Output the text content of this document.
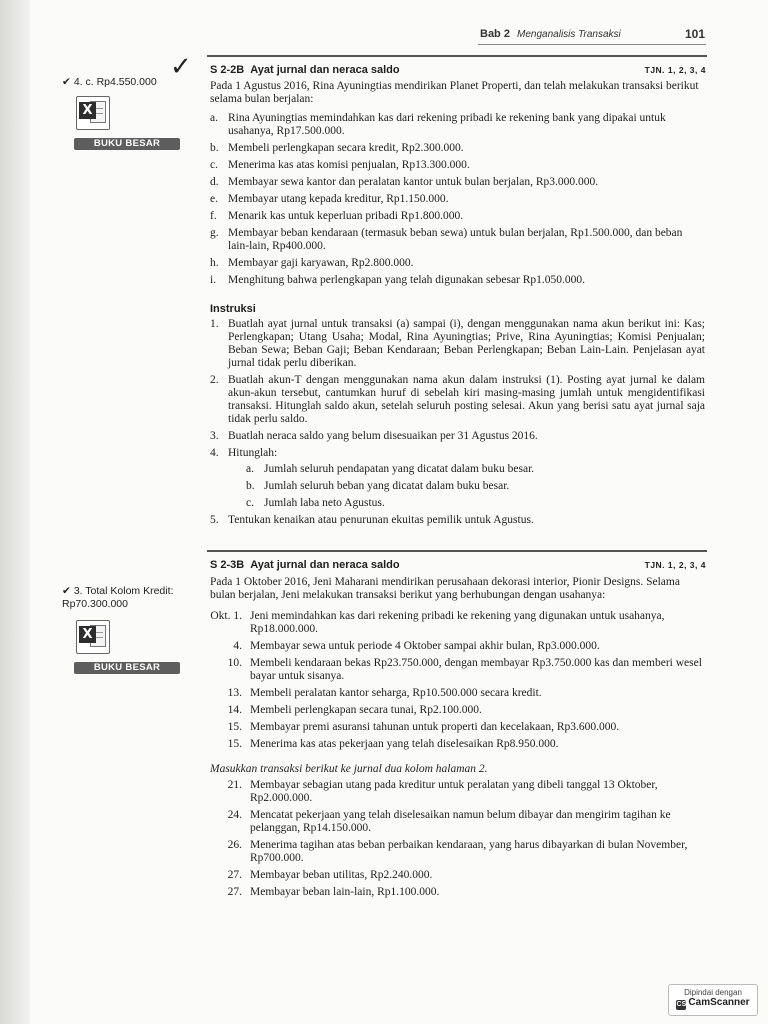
Bab 2 Menganalisis Transaksi	101
✓
✔ 4. c. Rp4.550.000
X
BUKU BESAR
✔ 3. Total Kolom Kredit: Rp70.300.000
X
BUKU BESAR
S 2-2B Ayat jurnal dan neraca saldo	TJN. 1, 2, 3, 4
Pada 1 Agustus 2016, Rina Ayuningtias mendirikan Planet Properti, dan telah melakukan transaksi berikut selama bulan berjalan:
a. Rina Ayuningtias memindahkan kas dari rekening pribadi ke rekening bank yang dipakai untuk usahanya, Rp17.500.000.
b. Membeli perlengkapan secara kredit, Rp2.300.000.
c. Menerima kas atas komisi penjualan, Rp13.300.000.
d. Membayar sewa kantor dan peralatan kantor untuk bulan berjalan, Rp3.000.000.
e. Membayar utang kepada kreditur, Rp1.150.000.
f. Menarik kas untuk keperluan pribadi Rp1.800.000.
g. Membayar beban kendaraan (termasuk beban sewa) untuk bulan berjalan, Rp1.500.000, dan beban lain-lain, Rp400.000.
h. Membayar gaji karyawan, Rp2.800.000.
i. Menghitung bahwa perlengkapan yang telah digunakan sebesar Rp1.050.000.
Instruksi
1. Buatlah ayat jurnal untuk transaksi (a) sampai (i), dengan menggunakan nama akun berikut ini: Kas; Perlengkapan; Utang Usaha; Modal, Rina Ayuningtias; Prive, Rina Ayuningtias; Komisi Penjualan; Beban Sewa; Beban Gaji; Beban Kendaraan; Beban Perlengkapan; Beban Lain-Lain. Penjelasan ayat jurnal tidak perlu diberikan.
2. Buatlah akun-T dengan menggunakan nama akun dalam instruksi (1). Posting ayat jurnal ke dalam akun-akun tersebut, cantumkan huruf di sebelah kiri masing-masing jumlah untuk mengidentifikasi transaksi. Hitunglah saldo akun, setelah seluruh posting selesai. Akun yang berisi satu ayat jurnal saja tidak perlu saldo.
3. Buatlah neraca saldo yang belum disesuaikan per 31 Agustus 2016.
4. Hitunglah:
a. Jumlah seluruh pendapatan yang dicatat dalam buku besar.
b. Jumlah seluruh beban yang dicatat dalam buku besar.
c. Jumlah laba neto Agustus.
5. Tentukan kenaikan atau penurunan ekuitas pemilik untuk Agustus.
S 2-3B Ayat jurnal dan neraca saldo	TJN. 1, 2, 3, 4
Pada 1 Oktober 2016, Jeni Maharani mendirikan perusahaan dekorasi interior, Pionir Designs. Selama bulan berjalan, Jeni melakukan transaksi berikut yang berhubungan dengan usahanya:
Okt. 1. Jeni memindahkan kas dari rekening pribadi ke rekening yang digunakan untuk usahanya, Rp18.000.000.
4. Membayar sewa untuk periode 4 Oktober sampai akhir bulan, Rp3.000.000.
10. Membeli kendaraan bekas Rp23.750.000, dengan membayar Rp3.750.000 kas dan memberi wesel bayar untuk sisanya.
13. Membeli peralatan kantor seharga, Rp10.500.000 secara kredit.
14. Membeli perlengkapan secara tunai, Rp2.100.000.
15. Membayar premi asuransi tahunan untuk properti dan kecelakaan, Rp3.600.000.
15. Menerima kas atas pekerjaan yang telah diselesaikan Rp8.950.000.
Masukkan transaksi berikut ke jurnal dua kolom halaman 2.
21. Membayar sebagian utang pada kreditur untuk peralatan yang dibeli tanggal 13 Oktober, Rp2.000.000.
24. Mencatat pekerjaan yang telah diselesaikan namun belum dibayar dan mengirim tagihan ke pelanggan, Rp14.150.000.
26. Menerima tagihan atas beban perbaikan kendaraan, yang harus dibayarkan di bulan November, Rp700.000.
27. Membayar beban utilitas, Rp2.240.000.
27. Membayar beban lain-lain, Rp1.100.000.
Dipindai dengan
CS CamScanner
